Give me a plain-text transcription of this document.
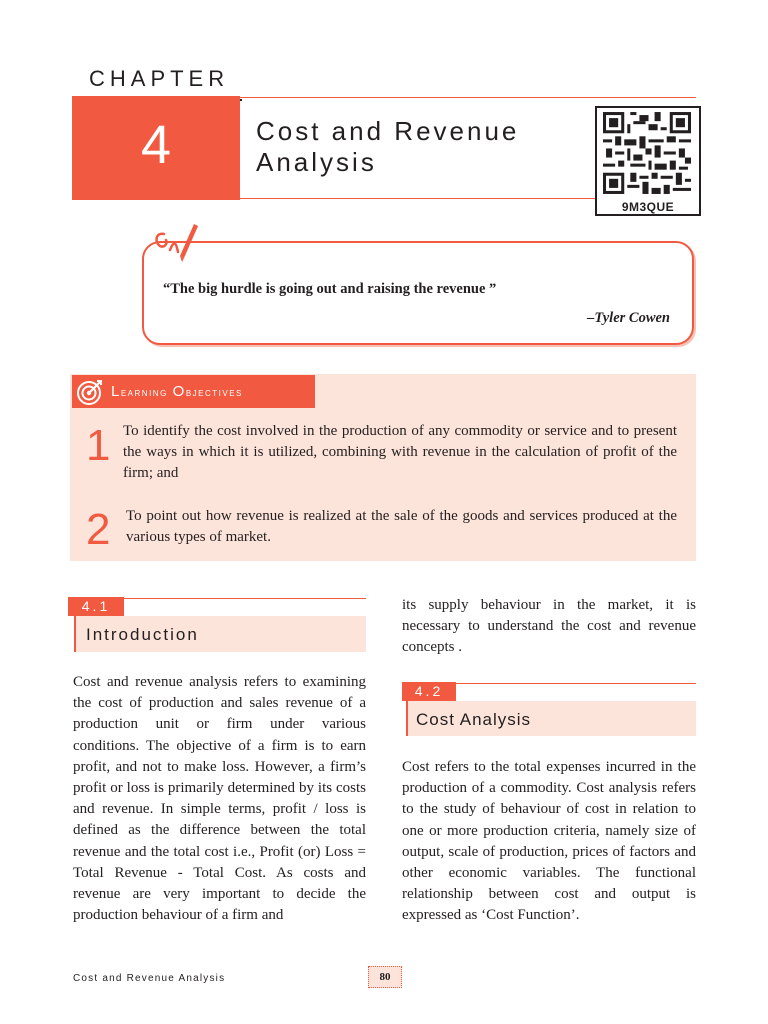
CHAPTER
4	Cost and Revenue
Analysis
9M3QUE
“The big hurdle is going out and raising the revenue ”
–Tyler Cowen
Learning Objectives
1 To identify the cost involved in the production of any commodity or service and to present the ways in which it is utilized, combining with revenue in the calculation of profit of the firm; and
2 To point out how revenue is realized at the sale of the goods and services produced at the various types of market.
4.1
Introduction
Cost and revenue analysis refers to examining the cost of production and sales revenue of a production unit or firm under various conditions. The objective of a firm is to earn profit, and not to make loss. However, a firm’s profit or loss is primarily determined by its costs and revenue. In simple terms, profit / loss is defined as the difference between the total revenue and the total cost i.e., Profit (or) Loss = Total Revenue - Total Cost. As costs and revenue are very important to decide the production behaviour of a firm and
its supply behaviour in the market, it is necessary to understand the cost and revenue concepts .
4.2
Cost Analysis
Cost refers to the total expenses incurred in the production of a commodity. Cost analysis refers to the study of behaviour of cost in relation to one or more production criteria, namely size of output, scale of production, prices of factors and other economic variables. The functional relationship between cost and output is expressed as ‘Cost Function’.
Cost and Revenue Analysis	80
